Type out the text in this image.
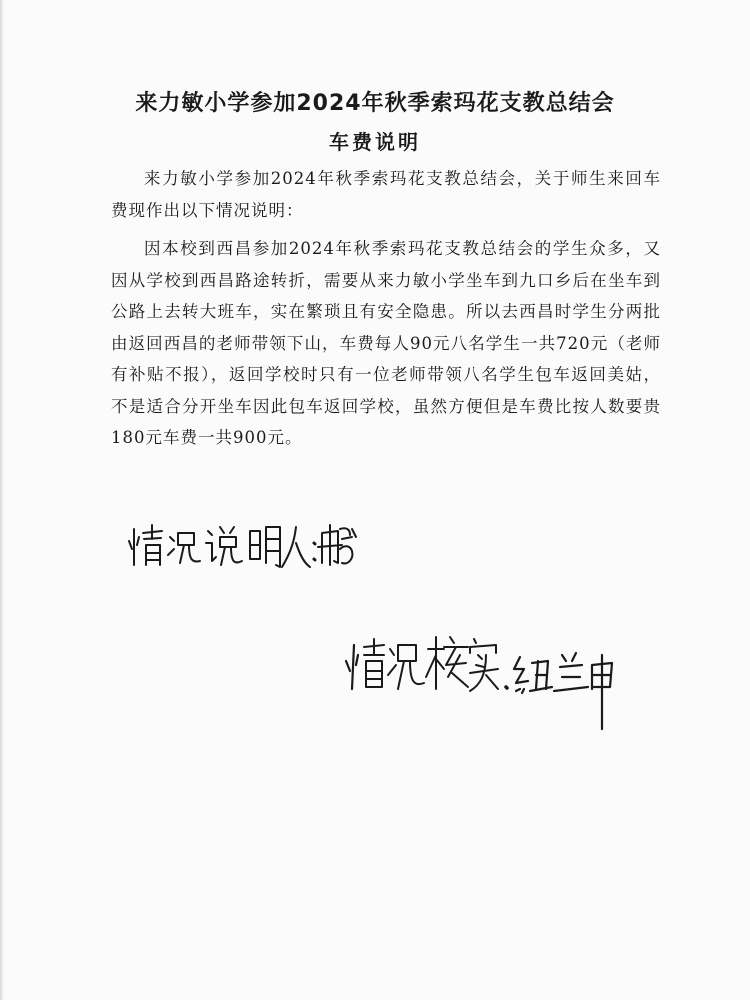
来力敏小学参加2024年秋季索玛花支教总结会
车费说明

来力敏小学参加2024年秋季索玛花支教总结会，关于师生来回车费现作出以下情况说明：

因本校到西昌参加2024年秋季索玛花支教总结会的学生众多，又因从学校到西昌路途转折，需要从来力敏小学坐车到九口乡后在坐车到公路上去转大班车，实在繁琐且有安全隐患。所以去西昌时学生分两批由返回西昌的老师带领下山，车费每人90元八名学生一共720元（老师有补贴不报），返回学校时只有一位老师带领八名学生包车返回美姑，不是适合分开坐车因此包车返回学校，虽然方便但是车费比按人数要贵180元车费一共900元。
